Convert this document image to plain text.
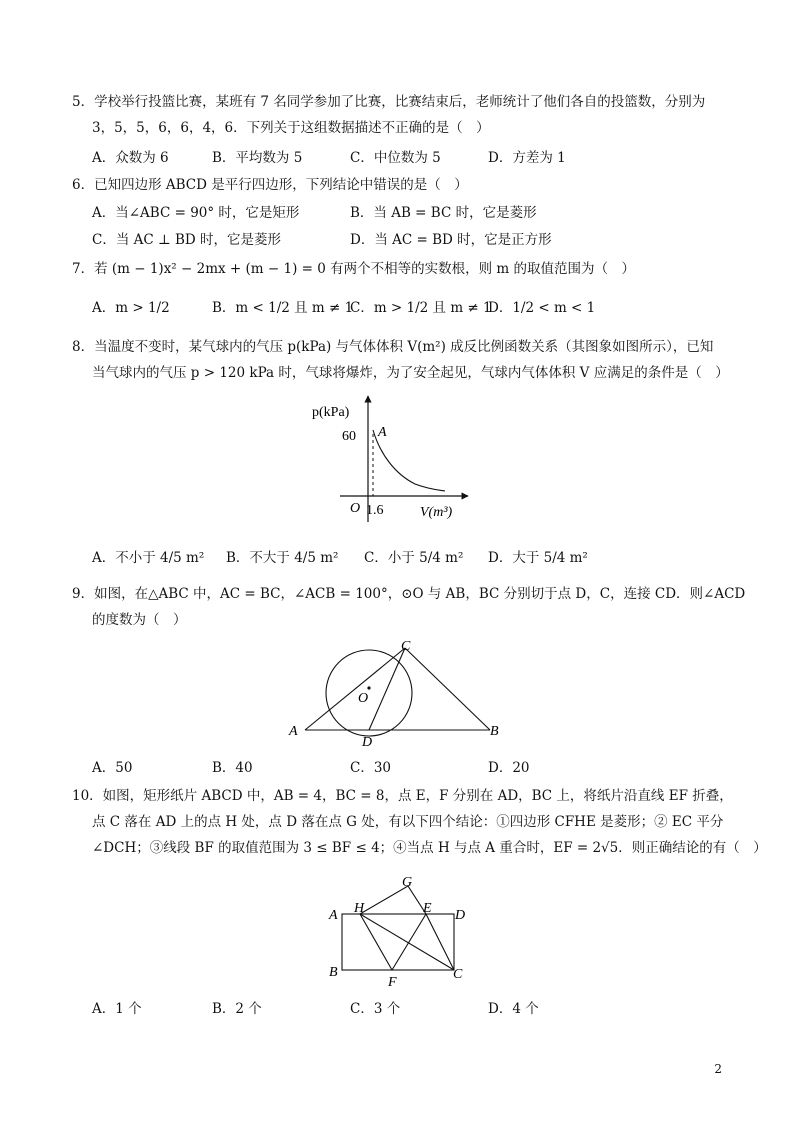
5．学校举行投篮比赛，某班有 7 名同学参加了比赛，比赛结束后，老师统计了他们各自的投篮数，分别为
3，5，5，6，6，4，6．下列关于这组数据描述不正确的是（　）
A．众数为 6	B．平均数为 5	C．中位数为 5	D．方差为 1
6．已知四边形 ABCD 是平行四边形，下列结论中错误的是（　）
A．当∠ABC = 90° 时，它是矩形	B．当 AB = BC 时，它是菱形
C．当 AC ⊥ BD 时，它是菱形	D．当 AC = BD 时，它是正方形
7．若 (m − 1)x² − 2mx + (m − 1) = 0 有两个不相等的实数根，则 m 的取值范围为（　）
A．m > 1/2	B．m < 1/2 且 m ≠ 1
C．m > 1/2 且 m ≠ 1
D．1/2 < m < 1
8．当温度不变时，某气球内的气压 p(kPa) 与气体体积 V(m²) 成反比例函数关系（其图象如图所示），已知
当气球内的气压 p > 120 kPa 时，气球将爆炸，为了安全起见，气球内气体体积 V 应满足的条件是（　）
p(kPa)
V(m³)
O
60
1.6
A
A．不小于 4/5 m² B．不大于 4/5 m² C．小于 5/4 m² D．大于 5/4 m²
9．如图，在△ABC 中，AC = BC，∠ACB = 100°，⊙O 与 AB，BC 分别切于点 D，C，连接 CD．则∠ACD
的度数为（　）
A	B
C
D
O
A．50	B．40	C．30	D．20
10．如图，矩形纸片 ABCD 中，AB = 4，BC = 8，点 E，F 分别在 AD，BC 上，将纸片沿直线 EF 折叠，
点 C 落在 AD 上的点 H 处，点 D 落在点 G 处，有以下四个结论：①四边形 CFHE 是菱形；② EC 平分
∠DCH；③线段 BF 的取值范围为 3 ≤ BF ≤ 4；④当点 H 与点 A 重合时，EF = 2√5．则正确结论的有（　）
A
B	C
D
E
F
G
H
A．1 个	B．2 个	C．3 个	D．4 个
2
